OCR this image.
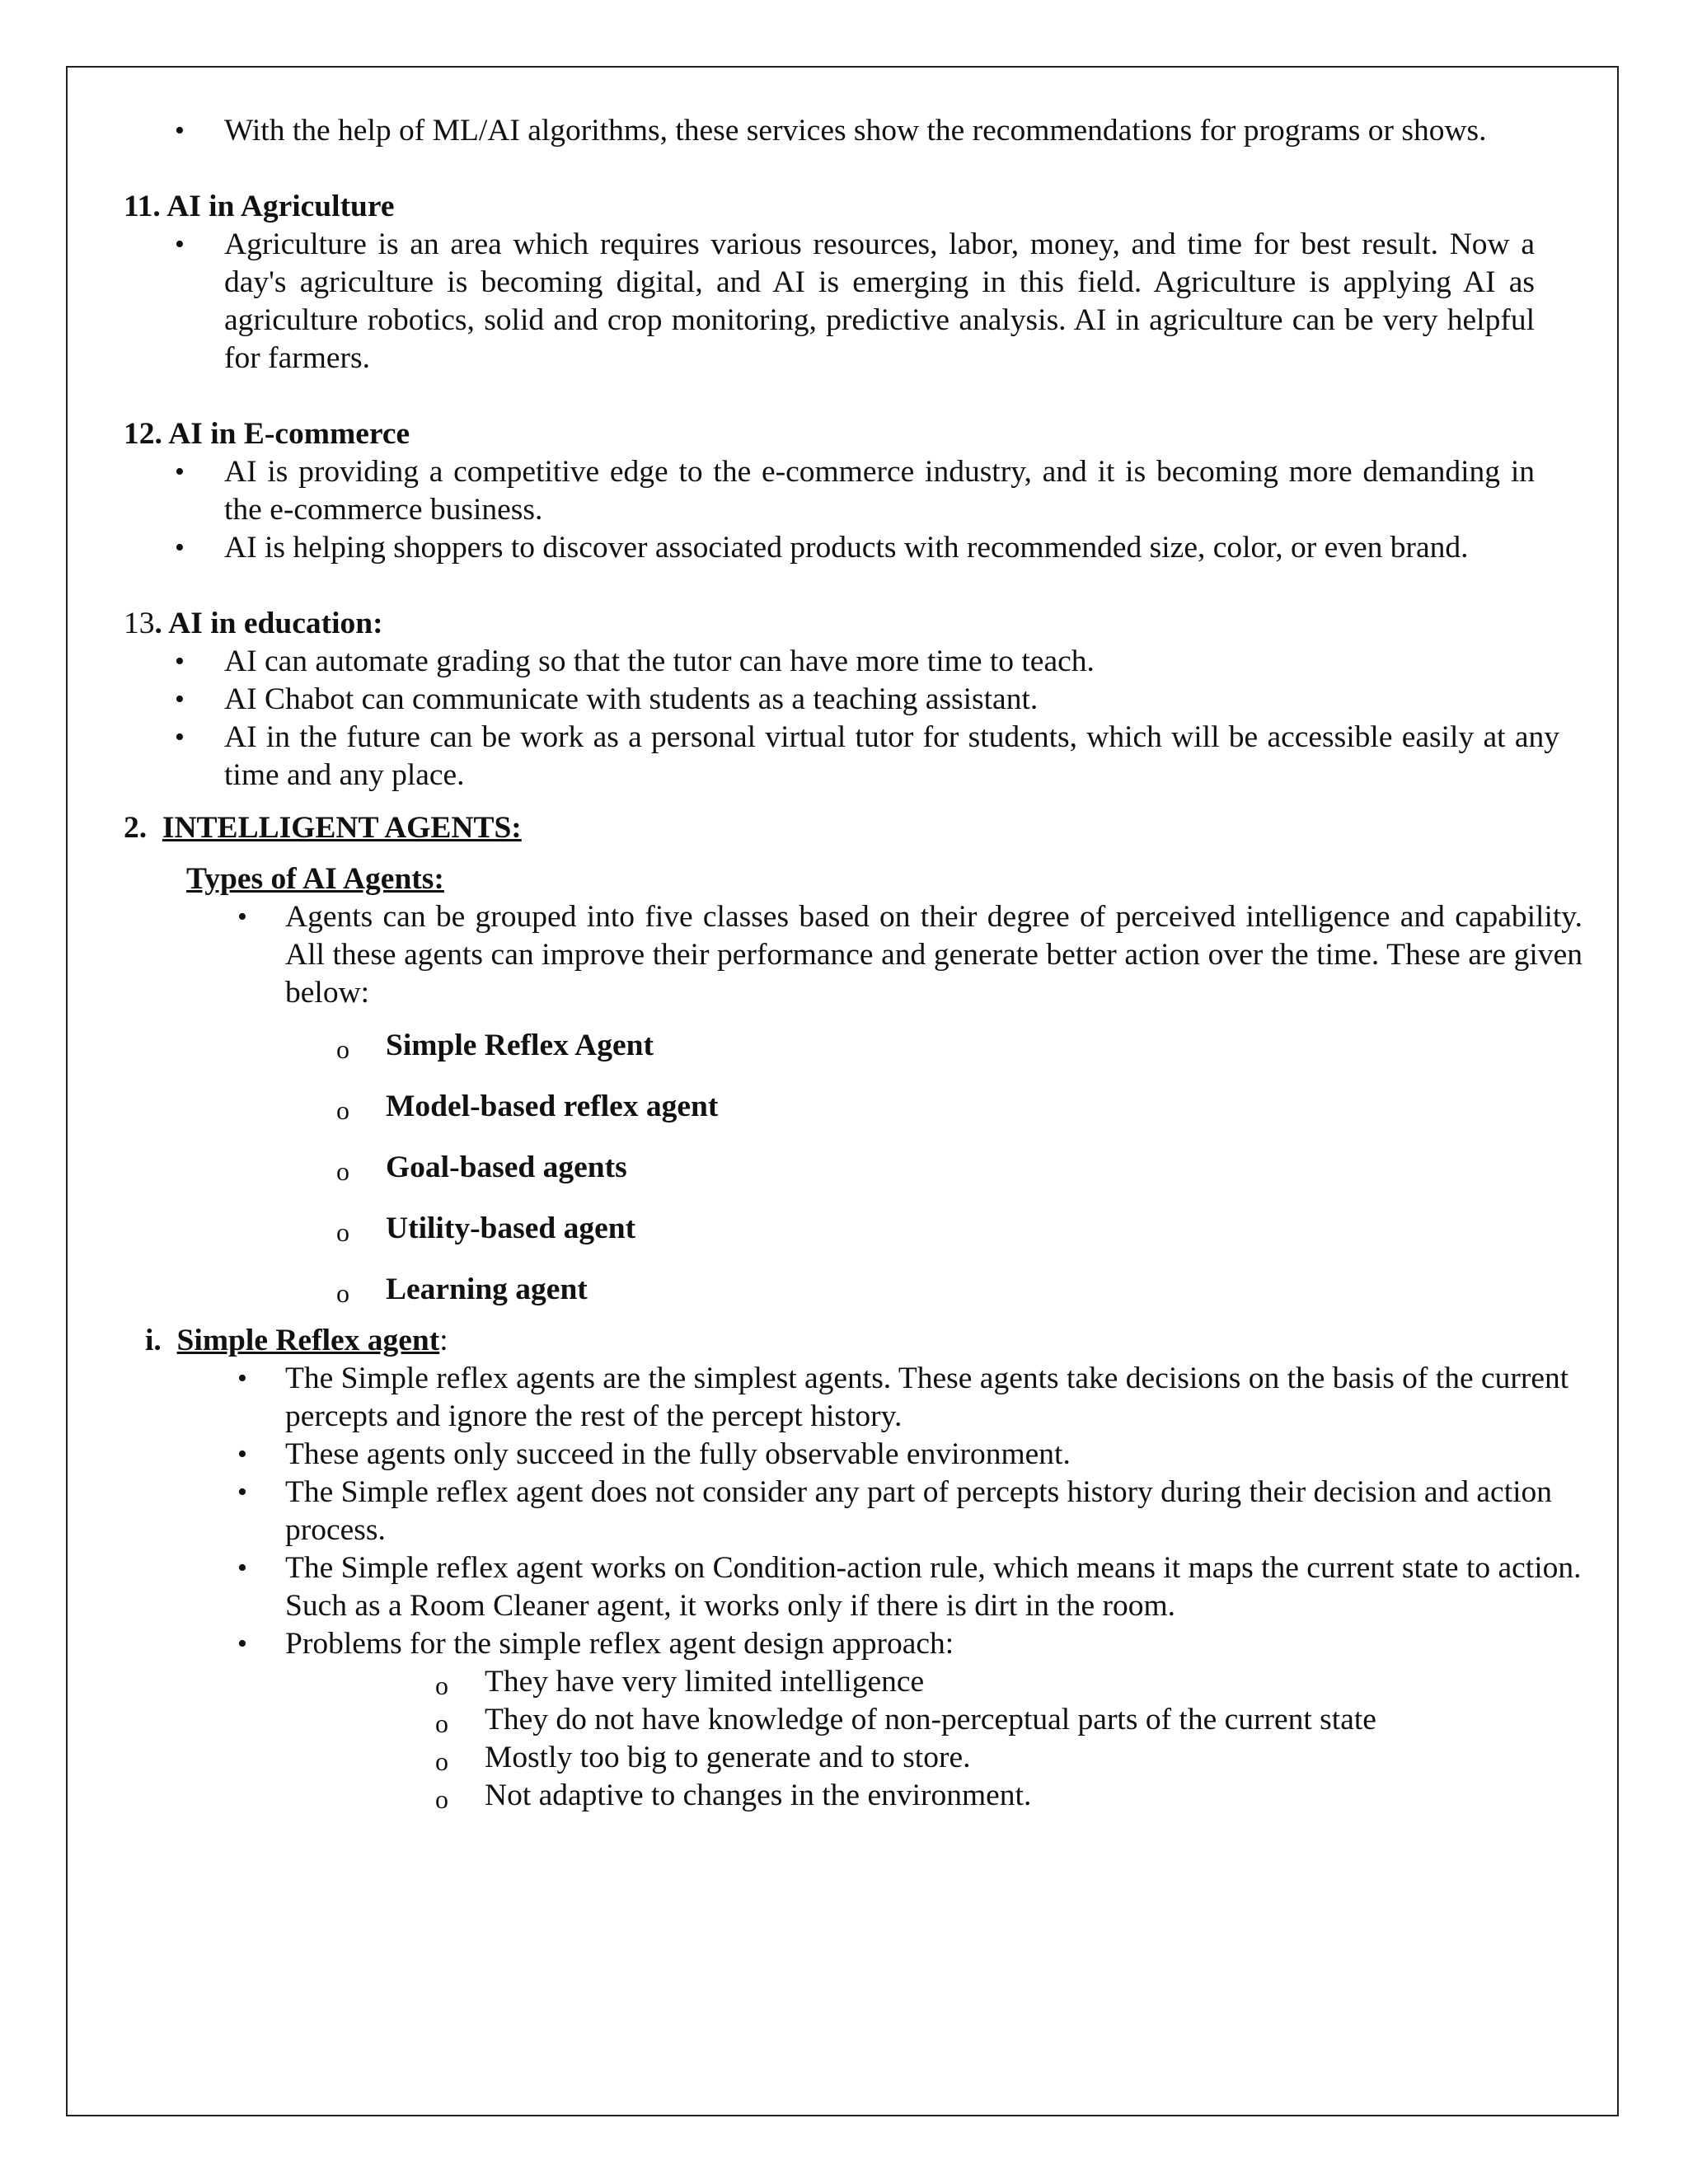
• With the help of ML/AI algorithms, these services show the recommendations for programs or shows.

11. AI in Agriculture

• Agriculture is an area which requires various resources, labor, money, and time for best result. Now a day's agriculture is becoming digital, and AI is emerging in this field. Agriculture is applying AI as agriculture robotics, solid and crop monitoring, predictive analysis. AI in agriculture can be very helpful for farmers.

12. AI in E-commerce

• AI is providing a competitive edge to the e-commerce industry, and it is becoming more demanding in the e-commerce business.
• AI is helping shoppers to discover associated products with recommended size, color, or even brand.

13. AI in education:

• AI can automate grading so that the tutor can have more time to teach.
• AI Chabot can communicate with students as a teaching assistant.
• AI in the future can be work as a personal virtual tutor for students, which will be accessible easily at any time and any place.

2. INTELLIGENT AGENTS:

Types of AI Agents:

• Agents can be grouped into five classes based on their degree of perceived intelligence and capability. All these agents can improve their performance and generate better action over the time. These are given below:
o Simple Reflex Agent
o Model-based reflex agent
o Goal-based agents
o Utility-based agent
o Learning agent

i. Simple Reflex agent:

• The Simple reflex agents are the simplest agents. These agents take decisions on the basis of the current percepts and ignore the rest of the percept history.
• These agents only succeed in the fully observable environment.
• The Simple reflex agent does not consider any part of percepts history during their decision and action process.
• The Simple reflex agent works on Condition-action rule, which means it maps the current state to action. Such as a Room Cleaner agent, it works only if there is dirt in the room.
• Problems for the simple reflex agent design approach:
o They have very limited intelligence
o They do not have knowledge of non-perceptual parts of the current state
o Mostly too big to generate and to store.
o Not adaptive to changes in the environment.
